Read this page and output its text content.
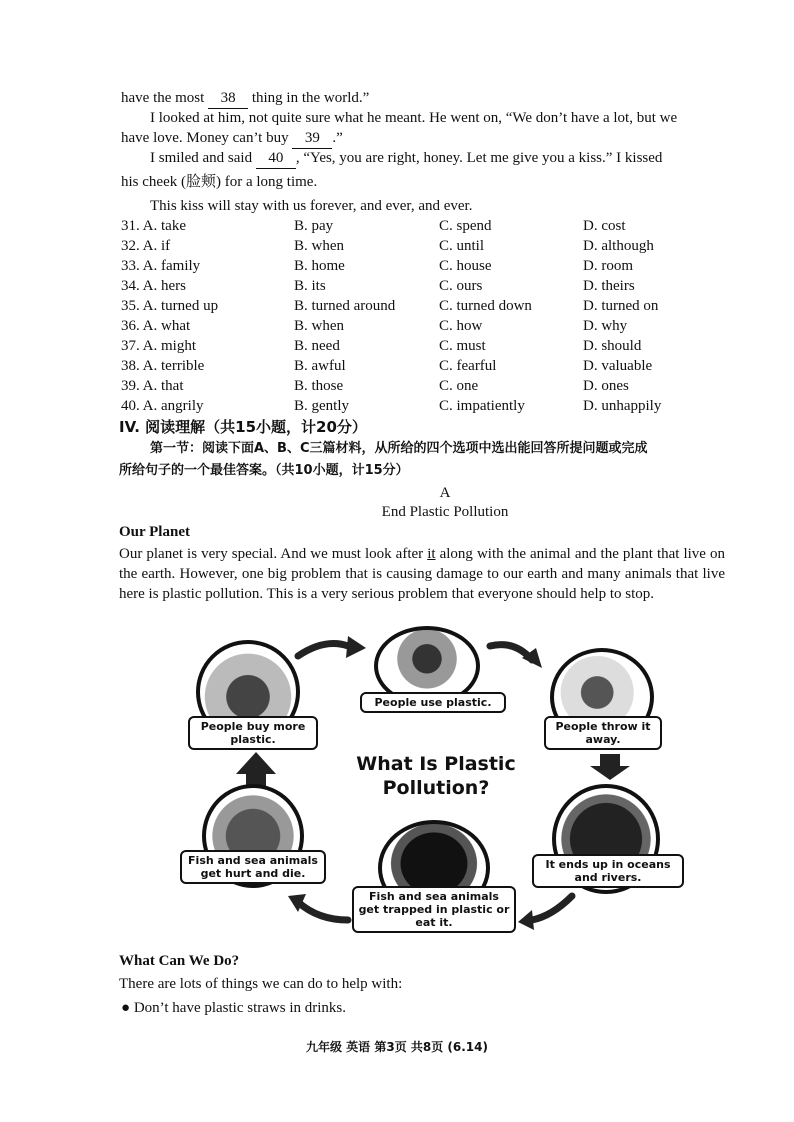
have the most 38 thing in the world.”
I looked at him, not quite sure what he meant. He went on, “We don’t have a lot, but we
have love. Money can’t buy 39 .”
I smiled and said 40 , “Yes, you are right, honey. Let me give you a kiss.” I kissed
his cheek (脸颊) for a long time.
This kiss will stay with us forever, and ever, and ever.
31. A. take	B. pay	C. spend	D. cost
32. A. if	B. when	C. until	D. although
33. A. family	B. home	C. house	D. room
34. A. hers	B. its	C. ours	D. theirs
35. A. turned up	B. turned around	C. turned down	D. turned on
36. A. what	B. when	C. how	D. why
37. A. might	B. need	C. must	D. should
38. A. terrible	B. awful	C. fearful	D. valuable
39. A. that	B. those	C. one	D. ones
40. A. angrily	B. gently	C. impatiently	D. unhappily
IV. 阅读理解（共15小题，计20分）
第一节：阅读下面A、B、C三篇材料，从所给的四个选项中选出能回答所提问题或完成
所给句子的一个最佳答案。（共10小题，计15分）
A
End Plastic Pollution
Our Planet
Our planet is very special. And we must look after it along with the animal and the plant that live on the earth. However, one big problem that is causing damage to our earth and many animals that live here is plastic pollution. This is a very serious problem that everyone should help to stop.
People use plastic.
People throw it away.
It ends up in oceans and rivers.
Fish and sea animals get trapped in plastic or eat it.
Fish and sea animals get hurt and die.
People buy more plastic.
What Is Plastic Pollution?
What Can We Do?
There are lots of things we can do to help with:
● Don’t have plastic straws in drinks.
九年级 英语 第3页 共8页 (6.14)
